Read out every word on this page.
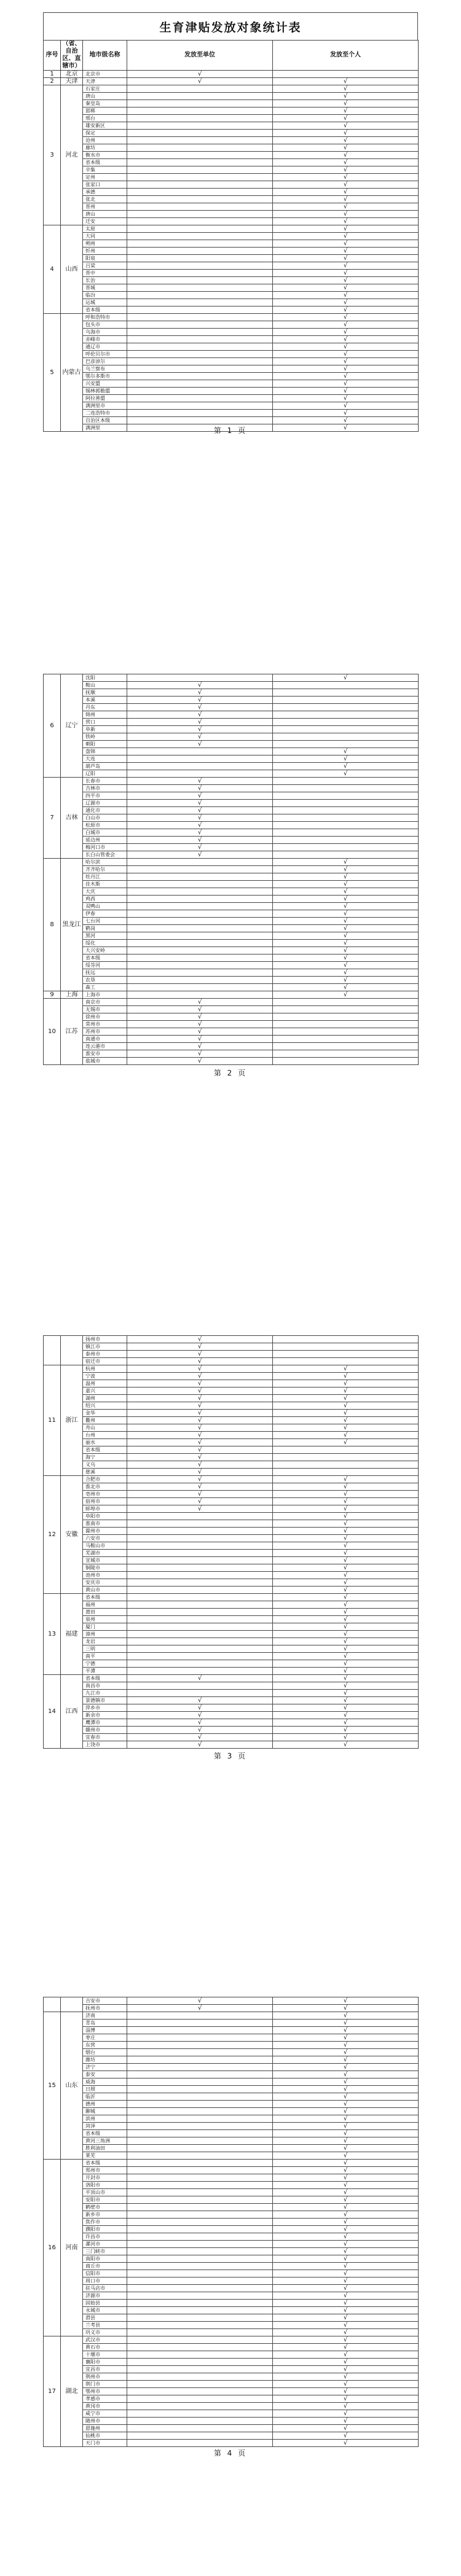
生育津贴发放对象统计表
序号	（省、自治区、直辖市）	地市级名称	发放至单位	发放至个人
1	北京	北京市	√	
2	天津	天津	√	√
3	河北	石家庄		√
		唐山		√
		秦皇岛		√
		邯郸		√
		邢台		√
		雄安新区		√
		保定		√
		沧州		√
		廊坊		√
		衡水市		√
		省本级		√
		辛集		√
		定州		√
		张家口		√
		承德		√
		张北		√
		晋州		√
		唐山		√
		迁安		√
4	山西	太原		√
		大同		√
		朔州		√
		忻州		√
		阳泉		√
		吕梁		√
		晋中		√
		长治		√
		晋城		√
		临汾		√
		运城		√
		省本级		√
5	内蒙古	呼和浩特市		√
		包头市		√
		乌海市		√
		赤峰市		√
		通辽市		√
		呼伦贝尔市		√
		巴彦淖尔		√
		乌兰察布		√
		鄂尔多斯市		√
		兴安盟		√
		锡林郭勒盟		√
		阿拉善盟		√
		满洲里市		√
		二连浩特市		√
		自治区本级		√
		满洲里		√
第 1 页
6	辽宁	沈阳		√
		鞍山	√	
		抚顺	√	
		本溪	√	
		丹东	√	
		锦州	√	
		营口	√	
		阜新	√	
		铁岭	√	
		朝阳	√	
		盘锦		√
		大连		√
		葫芦岛		√
		辽阳		√
7	吉林	长春市	√	
		吉林市	√	
		四平市	√	
		辽源市	√	
		通化市	√	
		白山市	√	
		松原市	√	
		白城市	√	
		延边州	√	
		梅河口市	√	
		长白山管委会	√	
8	黑龙江	哈尔滨		√
		齐齐哈尔		√
		牡丹江		√
		佳木斯		√
		大庆		√
		鸡西		√
		双鸭山		√
		伊春		√
		七台河		√
		鹤岗		√
		黑河		√
		绥化		√
		大兴安岭		√
		省本级		√
		绥芬河		√
		抚远		√
		农垦		√
		森工		√
9	上海	上海市		√
10	江苏	南京市	√	
		无锡市	√	
		徐州市	√	
		常州市	√	
		苏州市	√	
		南通市	√	
		连云港市	√	
		淮安市	√	
		盐城市	√	
第 2 页
		扬州市	√	
		镇江市	√	
		泰州市	√	
		宿迁市	√	
11	浙江	杭州	√	√
		宁波	√	√
		温州	√	√
		嘉兴	√	√
		湖州	√	√
		绍兴	√	√
		金华	√	√
		衢州	√	√
		舟山	√	√
		台州	√	√
		丽水	√	√
		省本级	√	
		海宁	√	
		义乌	√	
		慈溪	√	
12	安徽	合肥市	√	√
		淮北市	√	√
		亳州市	√	√
		宿州市	√	√
		蚌埠市	√	√
		阜阳市		√
		淮南市		√
		滁州市		√
		六安市		√
		马鞍山市		√
		芜湖市		√
		宣城市		√
		铜陵市		√
		池州市		√
		安庆市		√
		黄山市		√
13	福建	省本级		√
		福州		√
		莆田		√
		泉州		√
		厦门		√
		漳州		√
		龙岩		√
		三明		√
		南平		√
		宁德		√
		平潭		√
14	江西	省本级	√	√
		南昌市		√
		九江市		√
		景德镇市	√	√
		萍乡市	√	√
		新余市	√	√
		鹰潭市	√	√
		赣州市	√	√
		宜春市	√	√
		上饶市	√	√
第 3 页
		吉安市	√	√
		抚州市	√	√
15	山东	济南		√
		青岛		√
		淄博		√
		枣庄		√
		东营		√
		烟台		√
		潍坊		√
		济宁		√
		泰安		√
		威海		√
		日照		√
		临沂		√
		德州		√
		聊城		√
		滨州		√
		菏泽		√
		省本级		√
		黄河三角洲		√
		胜利油田		√
		莱芜		√
16	河南	省本级		√
		郑州市		√
		开封市		√
		洛阳市		√
		平顶山市		√
		安阳市		√
		鹤壁市		√
		新乡市		√
		焦作市		√
		濮阳市		√
		许昌市		√
		漯河市		√
		三门峡市		√
		南阳市		√
		商丘市		√
		信阳市		√
		周口市		√
		驻马店市		√
		济源市		√
		固始县		√
		永城市		√
		滑县		√
		兰考县		√
		巩义市		√
17	湖北	武汉市		√
		黄石市		√
		十堰市		√
		襄阳市		√
		宜昌市		√
		荆州市		√
		荆门市		√
		鄂州市		√
		孝感市		√
		黄冈市		√
		咸宁市		√
		随州市		√
		恩施州		√
		仙桃市		√
		天门市		√
第 4 页
